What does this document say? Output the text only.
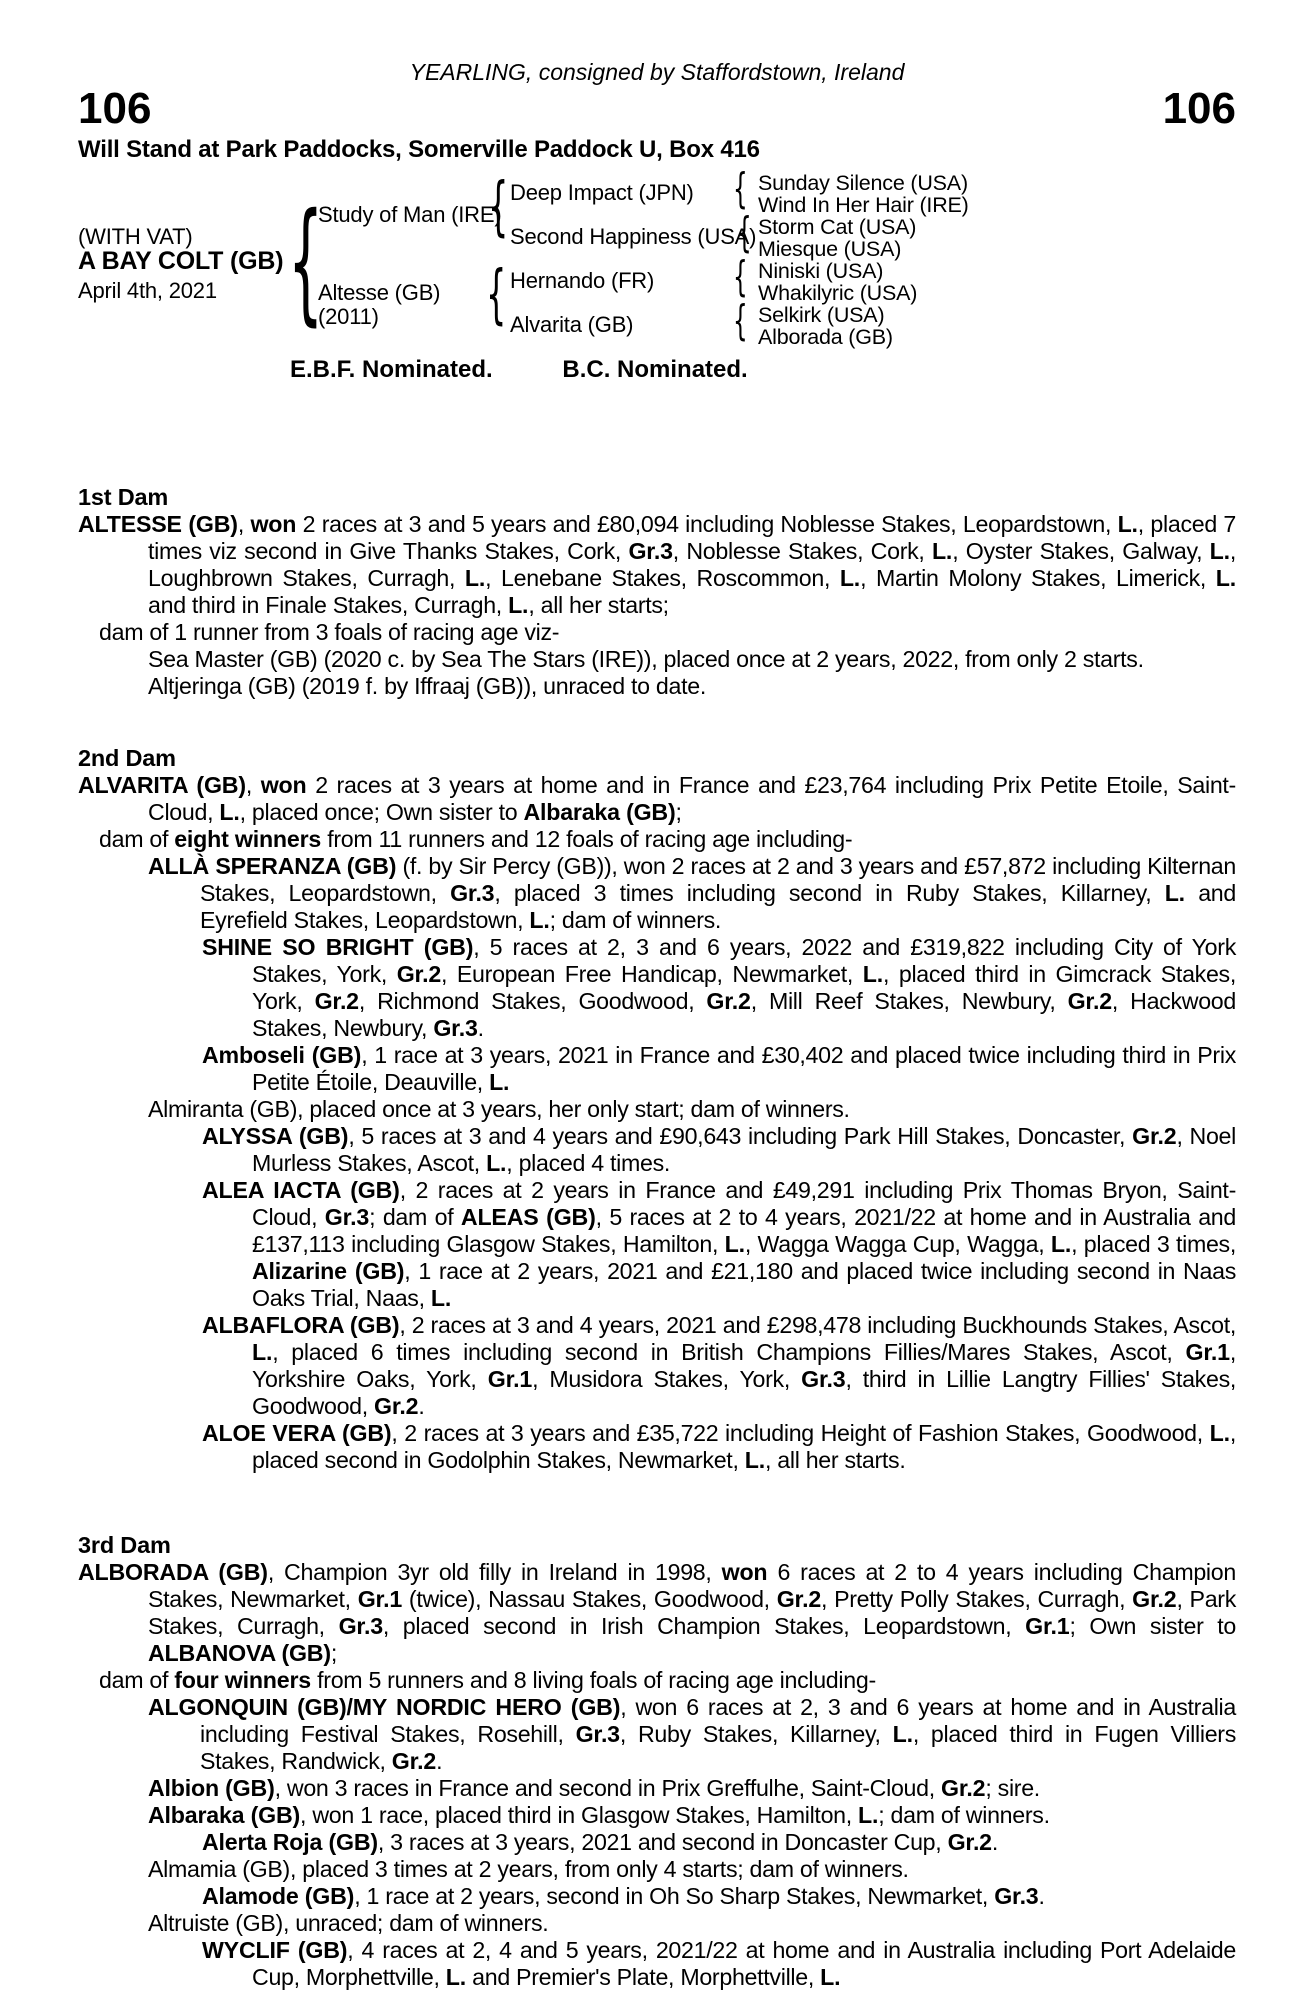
YEARLING, consigned by Staffordstown, Ireland
106	106
Will Stand at Park Paddocks, Somerville Paddock U, Box 416
(WITH VAT)
A BAY COLT (GB)
April 4th, 2021
{
{
{
{
{
{
{
Study of Man (IRE)
Altesse (GB)
(2011)
Deep Impact (JPN)
Second Happiness (USA)
Hernando (FR)
Alvarita (GB)
Sunday Silence (USA)
Wind In Her Hair (IRE)
Storm Cat (USA)
Miesque (USA)
Niniski (USA)
Whakilyric (USA)
Selkirk (USA)
Alborada (GB)
E.B.F. Nominated.	B.C. Nominated.
1st Dam
ALTESSE (GB), won 2 races at 3 and 5 years and £80,094 including Noblesse Stakes, Leopardstown, L., placed 7 times viz second in Give Thanks Stakes, Cork, Gr.3, Noblesse Stakes, Cork, L., Oyster Stakes, Galway, L., Loughbrown Stakes, Curragh, L., Lenebane Stakes, Roscommon, L., Martin Molony Stakes, Limerick, L. and third in Finale Stakes, Curragh, L., all her starts;
dam of 1 runner from 3 foals of racing age viz-
Sea Master (GB) (2020 c. by Sea The Stars (IRE)), placed once at 2 years, 2022, from only 2 starts.
Altjeringa (GB) (2019 f. by Iffraaj (GB)), unraced to date.
2nd Dam
ALVARITA (GB), won 2 races at 3 years at home and in France and £23,764 including Prix Petite Etoile, Saint-Cloud, L., placed once; Own sister to Albaraka (GB);
dam of eight winners from 11 runners and 12 foals of racing age including-
ALLÀ SPERANZA (GB) (f. by Sir Percy (GB)), won 2 races at 2 and 3 years and £57,872 including Kilternan Stakes, Leopardstown, Gr.3, placed 3 times including second in Ruby Stakes, Killarney, L. and Eyrefield Stakes, Leopardstown, L.; dam of winners.
SHINE SO BRIGHT (GB), 5 races at 2, 3 and 6 years, 2022 and £319,822 including City of York Stakes, York, Gr.2, European Free Handicap, Newmarket, L., placed third in Gimcrack Stakes, York, Gr.2, Richmond Stakes, Goodwood, Gr.2, Mill Reef Stakes, Newbury, Gr.2, Hackwood Stakes, Newbury, Gr.3.
Amboseli (GB), 1 race at 3 years, 2021 in France and £30,402 and placed twice including third in Prix Petite Étoile, Deauville, L.
Almiranta (GB), placed once at 3 years, her only start; dam of winners.
ALYSSA (GB), 5 races at 3 and 4 years and £90,643 including Park Hill Stakes, Doncaster, Gr.2, Noel Murless Stakes, Ascot, L., placed 4 times.
ALEA IACTA (GB), 2 races at 2 years in France and £49,291 including Prix Thomas Bryon, Saint-Cloud, Gr.3; dam of ALEAS (GB), 5 races at 2 to 4 years, 2021/22 at home and in Australia and £137,113 including Glasgow Stakes, Hamilton, L., Wagga Wagga Cup, Wagga, L., placed 3 times, Alizarine (GB), 1 race at 2 years, 2021 and £21,180 and placed twice including second in Naas Oaks Trial, Naas, L.
ALBAFLORA (GB), 2 races at 3 and 4 years, 2021 and £298,478 including Buckhounds Stakes, Ascot, L., placed 6 times including second in British Champions Fillies/Mares Stakes, Ascot, Gr.1, Yorkshire Oaks, York, Gr.1, Musidora Stakes, York, Gr.3, third in Lillie Langtry Fillies' Stakes, Goodwood, Gr.2.
ALOE VERA (GB), 2 races at 3 years and £35,722 including Height of Fashion Stakes, Goodwood, L., placed second in Godolphin Stakes, Newmarket, L., all her starts.
3rd Dam
ALBORADA (GB), Champion 3yr old filly in Ireland in 1998, won 6 races at 2 to 4 years including Champion Stakes, Newmarket, Gr.1 (twice), Nassau Stakes, Goodwood, Gr.2, Pretty Polly Stakes, Curragh, Gr.2, Park Stakes, Curragh, Gr.3, placed second in Irish Champion Stakes, Leopardstown, Gr.1; Own sister to ALBANOVA (GB);
dam of four winners from 5 runners and 8 living foals of racing age including-
ALGONQUIN (GB)/MY NORDIC HERO (GB), won 6 races at 2, 3 and 6 years at home and in Australia including Festival Stakes, Rosehill, Gr.3, Ruby Stakes, Killarney, L., placed third in Fugen Villiers Stakes, Randwick, Gr.2.
Albion (GB), won 3 races in France and second in Prix Greffulhe, Saint-Cloud, Gr.2; sire.
Albaraka (GB), won 1 race, placed third in Glasgow Stakes, Hamilton, L.; dam of winners.
Alerta Roja (GB), 3 races at 3 years, 2021 and second in Doncaster Cup, Gr.2.
Almamia (GB), placed 3 times at 2 years, from only 4 starts; dam of winners.
Alamode (GB), 1 race at 2 years, second in Oh So Sharp Stakes, Newmarket, Gr.3.
Altruiste (GB), unraced; dam of winners.
WYCLIF (GB), 4 races at 2, 4 and 5 years, 2021/22 at home and in Australia including Port Adelaide Cup, Morphettville, L. and Premier's Plate, Morphettville, L.
